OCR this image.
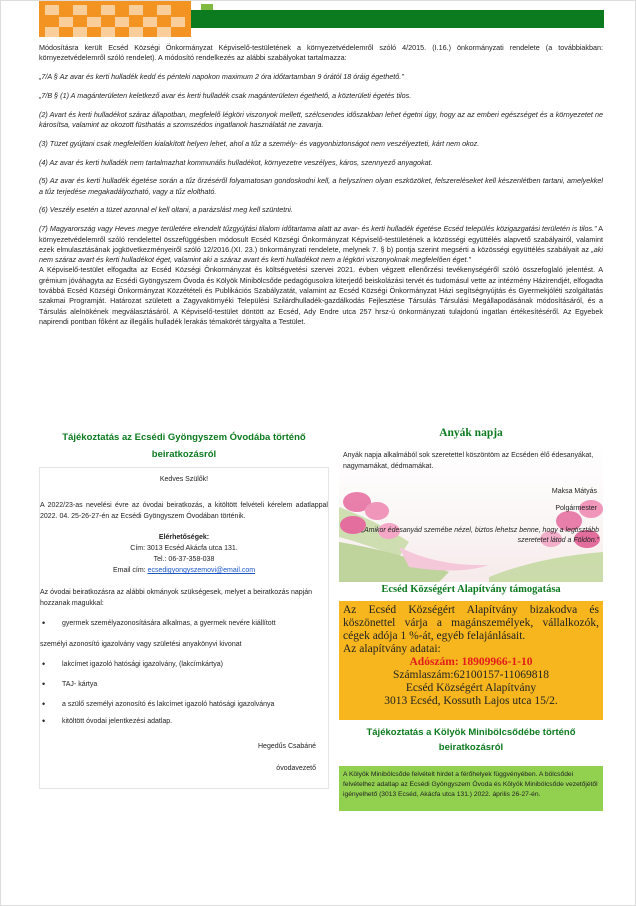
Módosításra került Ecséd Községi Önkormányzat Képviselő-testületének a környezetvédelemről szóló 4/2015. (I.16.) önkormányzati rendelete (a továbbiakban: környezetvédelemről szóló rendelet). A módosító rendelkezés az alábbi szabályokat tartalmazza:

„7/A § Az avar és kerti hulladék kedd és pénteki napokon maximum 2 óra időtartamban 9 órától 18 óráig égethető.”

„7/B § (1) A magánterületen keletkező avar és kerti hulladék csak magánterületen égethető, a közterületi égetés tilos.

(2) Avart és kerti hulladékot száraz állapotban, megfelelő légköri viszonyok mellett, szélcsendes időszakban lehet égetni úgy, hogy az az emberi egészséget és a környezetet ne károsítsa, valamint az okozott füsthatás a szomszédos ingatlanok használatát ne zavarja.

(3) Tüzet gyújtani csak megfelelően kialakított helyen lehet, ahol a tűz a személy- és vagyonbiztonságot nem veszélyezteti, kárt nem okoz.

(4) Az avar és kerti hulladék nem tartalmazhat kommunális hulladékot, környezetre veszélyes, káros, szennyező anyagokat.

(5) Az avar és kerti hulladék égetése során a tűz őrzéséről folyamatosan gondoskodni kell, a helyszínen olyan eszközöket, felszereléseket kell készenlétben tartani, amelyekkel a tűz terjedése megakadályozható, vagy a tűz eloltható.

(6) Veszély esetén a tüzet azonnal el kell oltani, a parázslást meg kell szüntetni.

(7) Magyarország vagy Heves megye területére elrendelt tűzgyújtási tilalom időtartama alatt az avar- és kerti hulladék égetése Ecséd település közigazgatási területén is tilos.” A környezetvédelemről szóló rendelettel összefüggésben módosult Ecséd Községi Önkormányzat Képviselő-testületének a közösségi együttélés alapvető szabályairól, valamint ezek elmulasztásának jogkövetkezményeiről szóló 12/2016.(XI. 23.) önkormányzati rendelete, melynek 7. § b) pontja szerint megsérti a közösségi együttélés szabályait az „aki nem száraz avart és kerti hulladékot éget, valamint aki a száraz avart és kerti hulladékot nem a légköri viszonyoknak megfelelően éget.”

A Képviselő-testület elfogadta az Ecséd Községi Önkormányzat és költségvetési szervei 2021. évben végzett ellenőrzési tevékenységéről szóló összefoglaló jelentést. A grémium jóváhagyta az Ecsédi Gyöngyszem Óvoda és Kölyök Minibölcsőde pedagógusokra kiterjedő beiskolázási tervét és tudomásul vette az intézmény Házirendjét, elfogadta továbbá Ecséd Községi Önkormányzat Közzétételi és Publikációs Szabályzatát, valamint az Ecséd Községi Önkormányzat Házi segítségnyújtás és Gyermekjóléti szolgáltatás szakmai Programját. Határozat született a Zagyvakörnyéki Települési Szilárdhulladék-gazdálkodás Fejlesztése Társulás Társulási Megállapodásának módosításáról, és a Társulás alelnökének megválasztásáról. A Képviselő-testület döntött az Ecséd, Ady Endre utca 257 hrsz-ú önkormányzati tulajdonú ingatlan értékesítéséről. Az Egyebek napirendi pontban főként az illegális hulladék lerakás témakörét tárgyalta a Testület.

Tájékoztatás az Ecsédi Gyöngyszem Óvodába történő beiratkozásról
Kedves Szülők!
A 2022/23-as nevelési évre az óvodai beiratkozás, a kitöltött felvételi kérelem adatlappal 2022. 04. 25-26-27-én az Ecsédi Gyöngyszem Óvodában történik.
Elérhetőségek:
Cím: 3013 Ecséd Akácfa utca 131.
Tel.: 06-37-358-038
Email cím: ecsedigyongyszemovi@email.com
Az óvodai beiratkozásra az alábbi okmányok szükségesek, melyet a beiratkozás napján hozzanak magukkal:
• gyermek személyazonosítására alkalmas, a gyermek nevére kiállított
személyi azonosító igazolvány vagy születési anyakönyvi kivonat
• lakcímet igazoló hatósági igazolvány, (lakcímkártya)
• TAJ- kártya
• a szülő személyi azonosító és lakcímet igazoló hatósági igazolványa
• kitöltött óvodai jelentkezési adatlap.
Hegedűs Csabáné
óvodavezető
Anyák napja
Anyák napja alkalmából sok szeretettel köszöntöm az Ecséden élő édesanyákat, nagymamákat, dédmamákat.
Maksa Mátyás
Polgármester
„Amikor édesanyád szemébe nézel, biztos lehetsz benne, hogy a legtisztább szeretetet látod a Földön.”
Ecséd Községért Alapítvány támogatása
Az Ecséd Községért Alapítvány bizakodva és köszönettel várja a magánszemélyek, vállalkozók, cégek adója 1 %-át, egyéb felajánlásait.
Az alapítvány adatai:
Adószám: 18909966-1-10
Számlaszám:62100157-11069818
Ecséd Községért Alapítvány
3013 Ecséd, Kossuth Lajos utca 15/2.
Tájékoztatás a Kölyök Minibölcsődébe történő beiratkozásról
A Kölyök Minibölcsőde felvételt hirdet a férőhelyek függvényében. A bölcsődei felvételhez adatlap az Ecsédi Gyöngyszem Óvoda és Kölyök Minibölcsőde vezetőjétől igényelhető (3013 Ecséd, Akácfa utca 131.) 2022. április 26-27-én.
